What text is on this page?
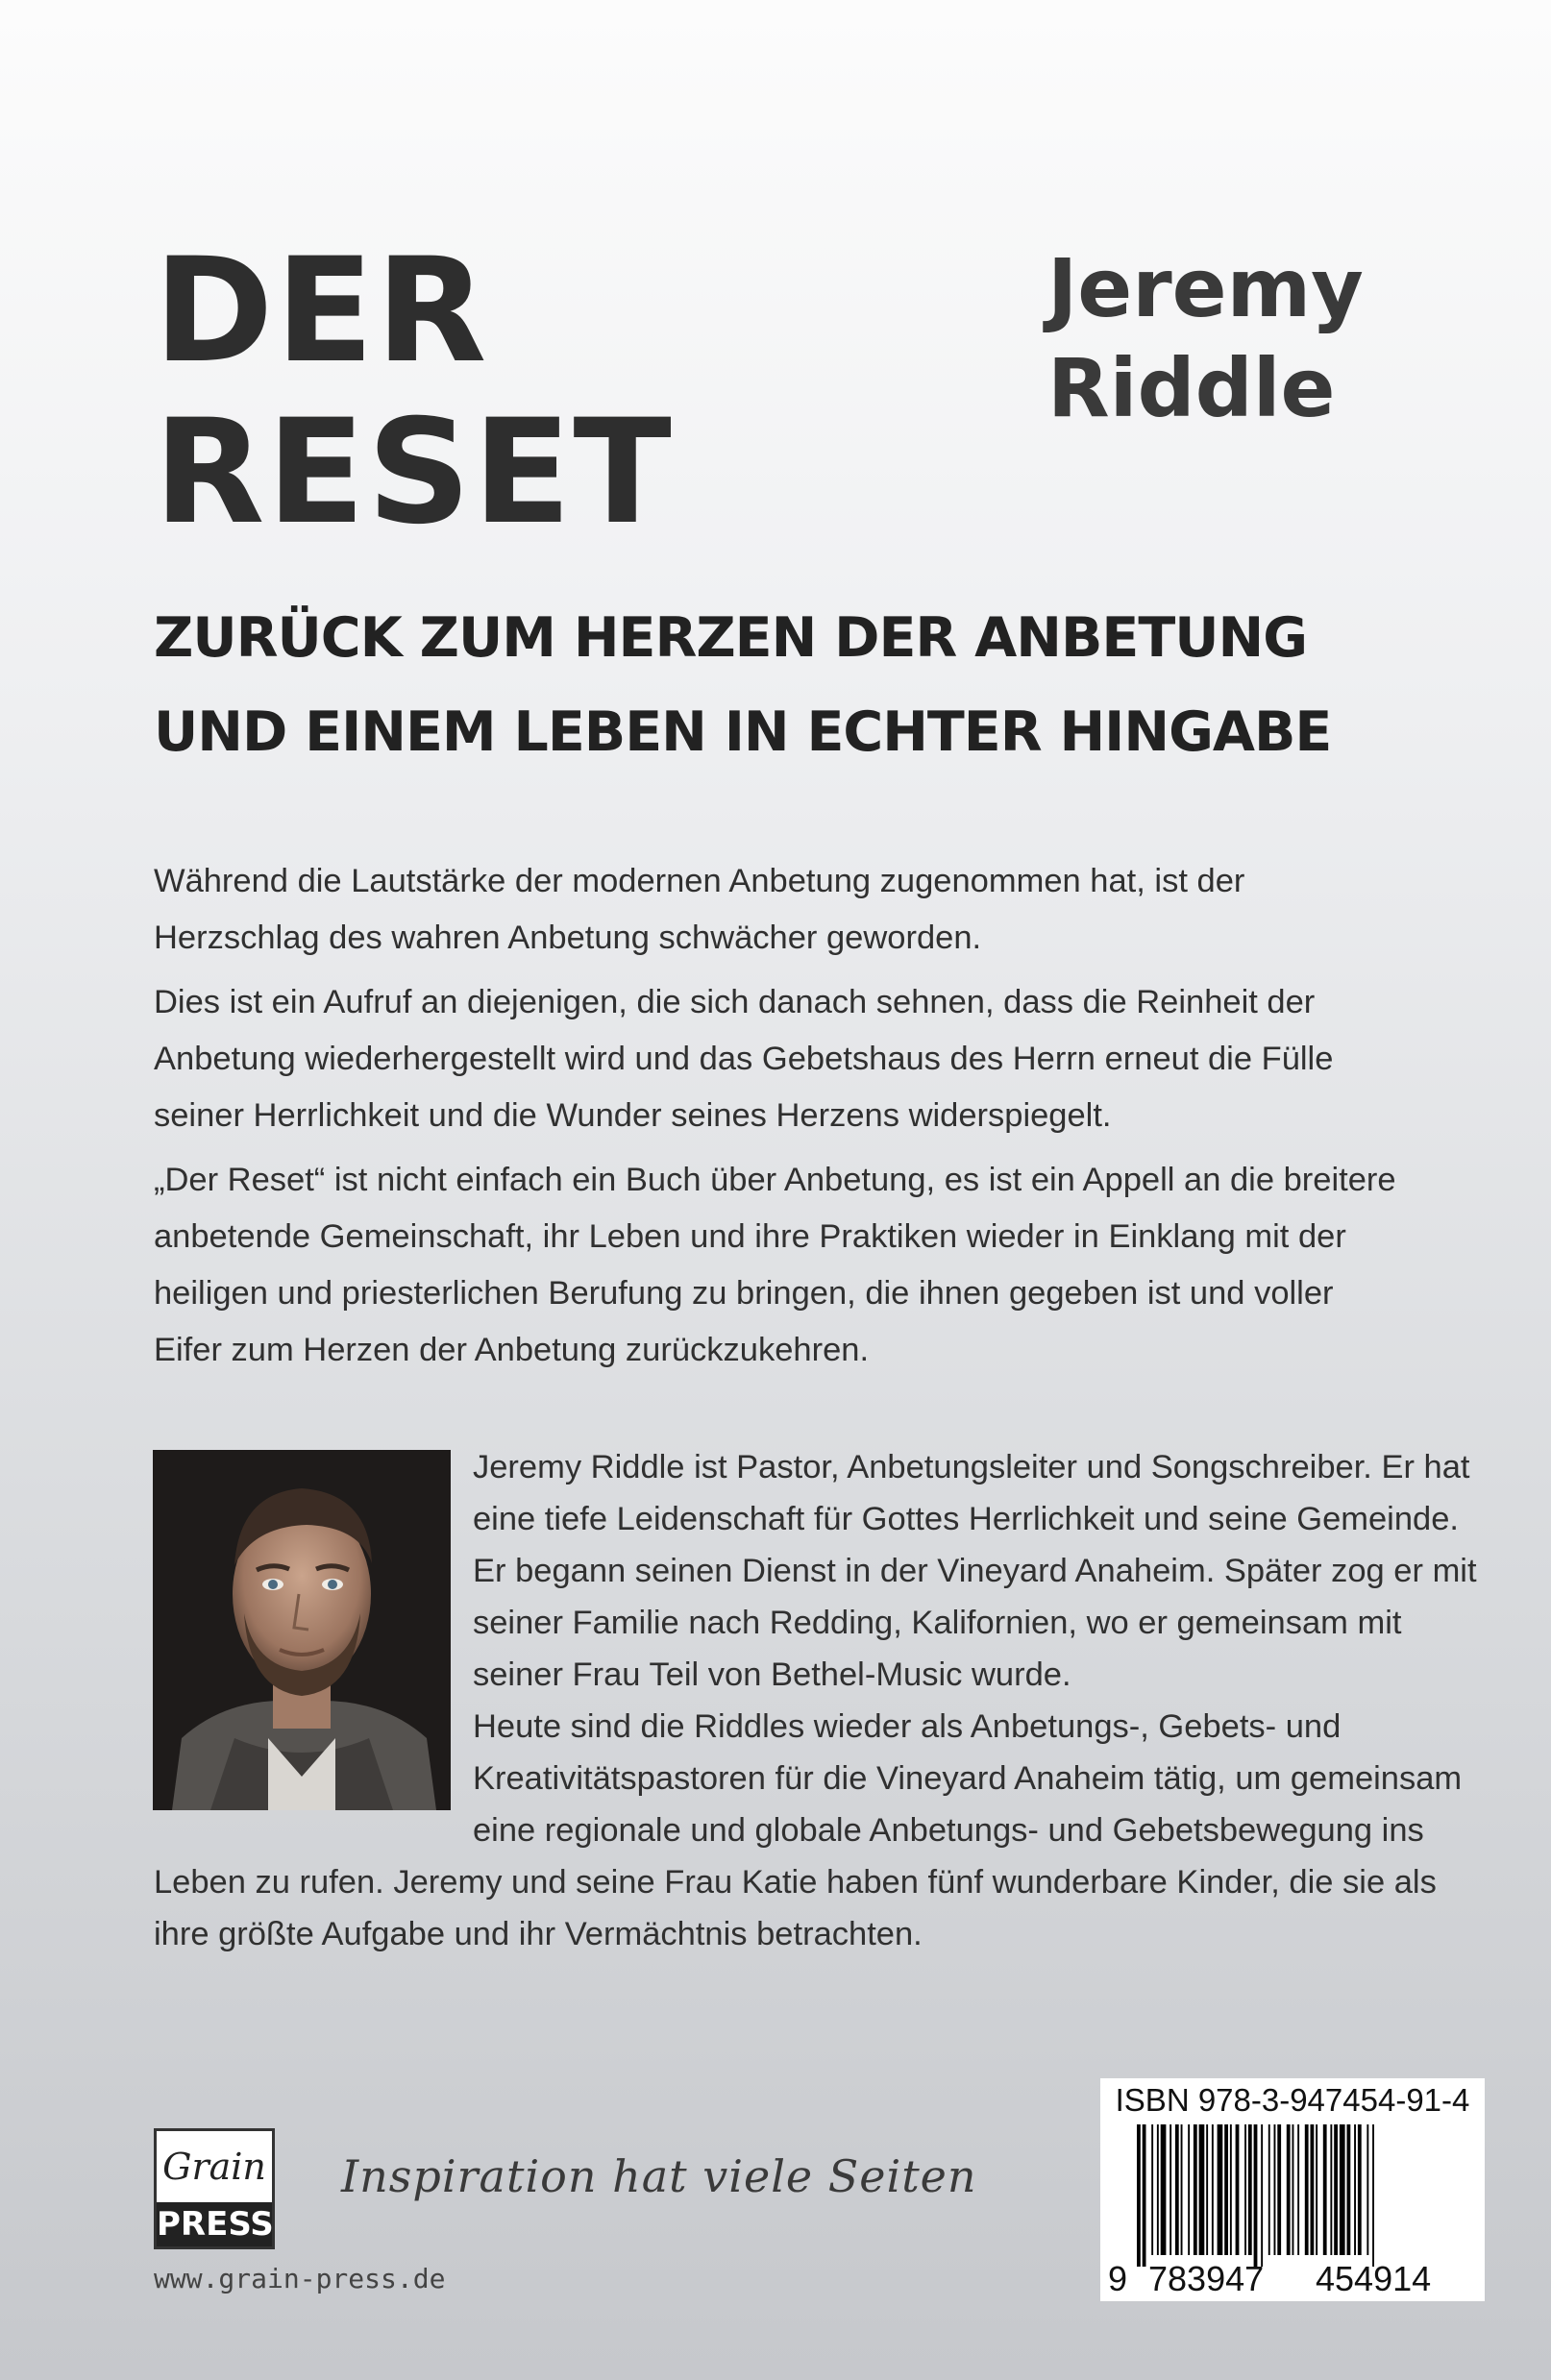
DER
RESET
Jeremy
Riddle
ZURÜCK ZUM HERZEN DER ANBETUNG
UND EINEM LEBEN IN ECHTER HINGABE

Während die Lautstärke der modernen Anbetung zugenommen hat, ist der Herzschlag des wahren Anbetung schwächer geworden.

Dies ist ein Aufruf an diejenigen, die sich danach sehnen, dass die Reinheit der Anbetung wiederhergestellt wird und das Gebetshaus des Herrn erneut die Fülle seiner Herrlichkeit und die Wunder seines Herzens widerspiegelt.

„Der Reset“ ist nicht einfach ein Buch über Anbetung, es ist ein Appell an die breitere anbetende Gemeinschaft, ihr Leben und ihre Praktiken wieder in Einklang mit der heiligen und priesterlichen Berufung zu bringen, die ihnen gegeben ist und voller Eifer zum Herzen der Anbetung zurückzukehren.

Jeremy Riddle ist Pastor, Anbetungsleiter und Songschreiber. Er hat eine tiefe Leidenschaft für Gottes Herrlichkeit und seine Gemeinde. Er begann seinen Dienst in der Vineyard Anaheim. Später zog er mit seiner Familie nach Redding, Kalifornien, wo er gemeinsam mit seiner Frau Teil von Bethel-Music wurde.

Heute sind die Riddles wieder als Anbetungs-, Gebets- und Kreativitätspastoren für die Vineyard Anaheim tätig, um gemeinsam eine regionale und globale Anbetungs- und Gebetsbewegung ins Leben zu rufen. Jeremy und seine Frau Katie haben fünf wunderbare Kinder, die sie als ihre größte Aufgabe und ihr Vermächtnis betrachten.

Grain
PRESS
Inspiration hat viele Seiten
www.grain-press.de
ISBN 978-3-947454-91-4
9 783947 454914
